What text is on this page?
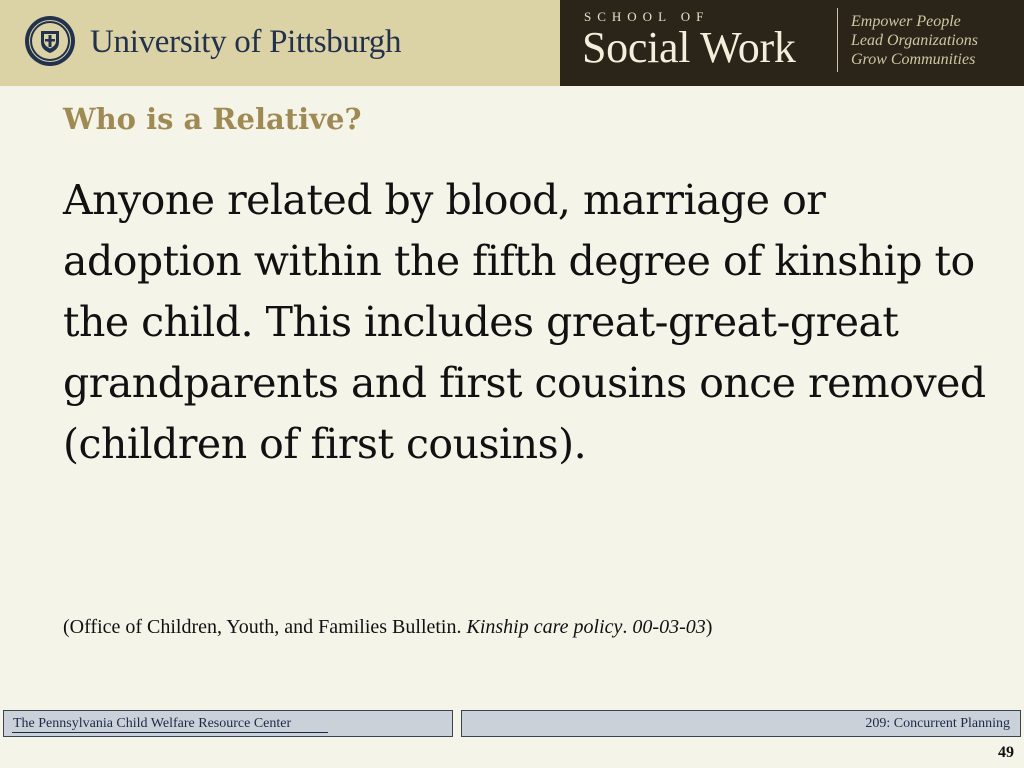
University of Pittsburgh
SCHOOL OF
Social Work
Empower People
Lead Organizations
Grow Communities
Who is a Relative?

Anyone related by blood, marriage or adoption within the fifth degree of kinship to the child. This includes great-great-great grandparents and first cousins once removed (children of first cousins).

(Office of Children, Youth, and Families Bulletin. Kinship care policy. 00-03-03)

The Pennsylvania Child Welfare Resource Center	209: Concurrent Planning
49
